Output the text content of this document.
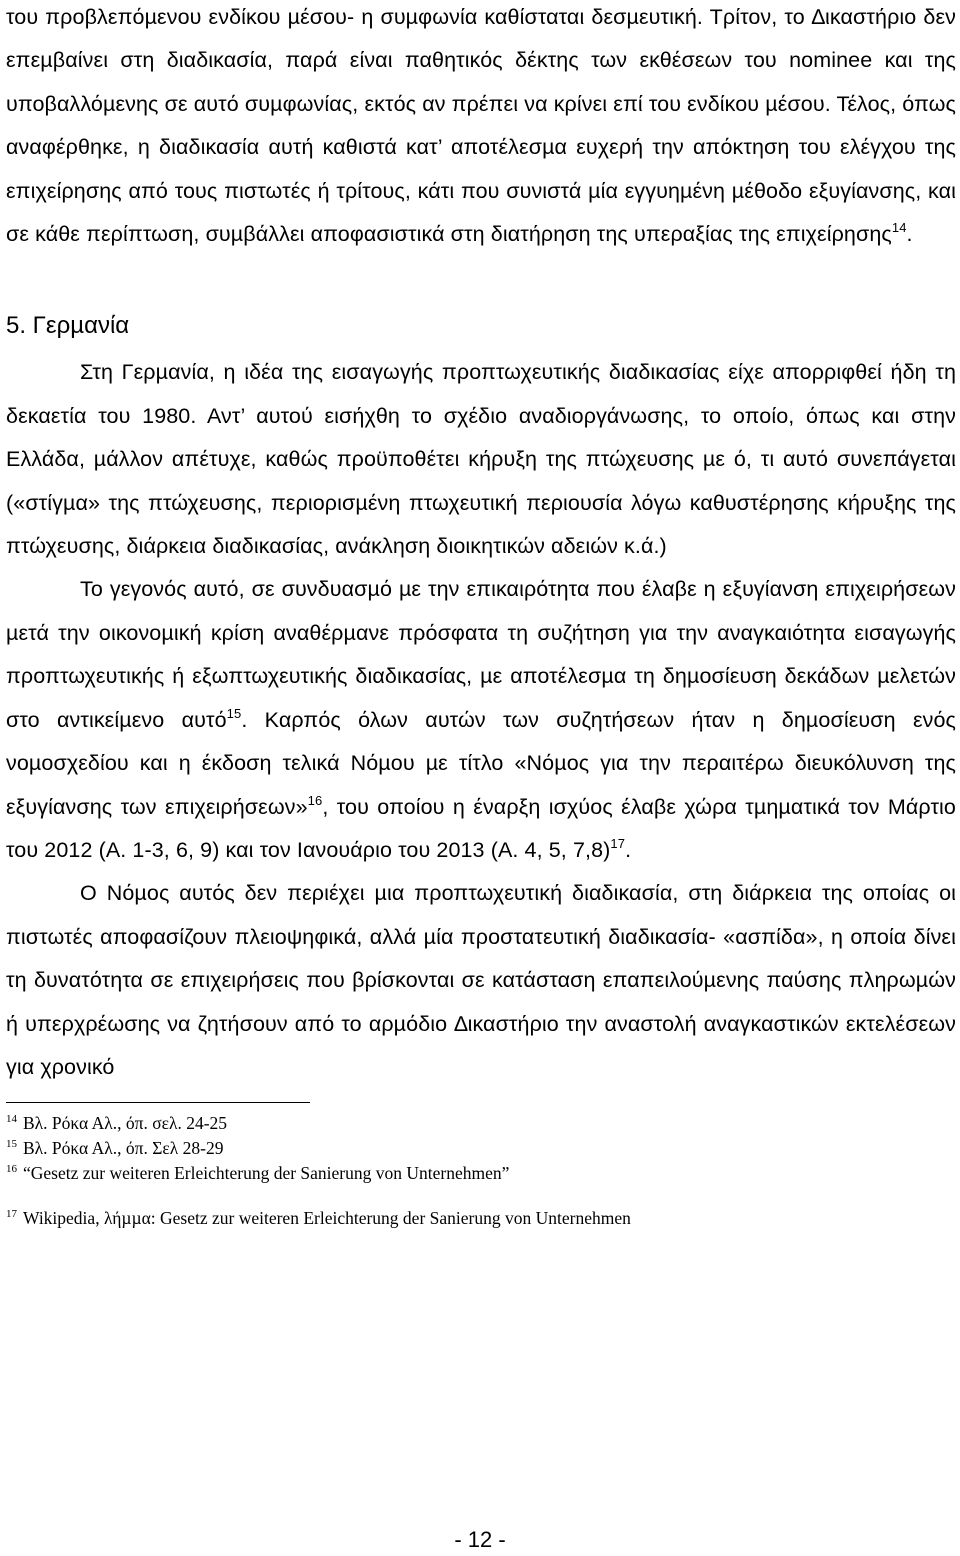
του προβλεπόµενου ενδίκου µέσου- η συµφωνία καθίσταται δεσµευτική. Τρίτον, το ∆ικαστήριο δεν επεµβαίνει στη διαδικασία, παρά είναι παθητικός δέκτης των εκθέσεων του nominee και της υποβαλλόµενης σε αυτό συµφωνίας, εκτός αν πρέπει να κρίνει επί του ενδίκου µέσου. Τέλος, όπως αναφέρθηκε, η διαδικασία αυτή καθιστά κατ’ αποτέλεσµα ευχερή την απόκτηση του ελέγχου της επιχείρησης από τους πιστωτές ή τρίτους, κάτι που συνιστά µία εγγυηµένη µέθοδο εξυγίανσης, και σε κάθε περίπτωση, συµβάλλει αποφασιστικά στη διατήρηση της υπεραξίας της επιχείρησης$^{14}$.

5. Γερµανία

Στη Γερµανία, η ιδέα της εισαγωγής προπτωχευτικής διαδικασίας είχε απορριφθεί ήδη τη δεκαετία του 1980. Αντ’ αυτού εισήχθη το σχέδιο αναδιοργάνωσης, το οποίο, όπως και στην Ελλάδα, µάλλον απέτυχε, καθώς προϋποθέτει κήρυξη της πτώχευσης µε ό, τι αυτό συνεπάγεται («στίγµα» της πτώχευσης, περιορισµένη πτωχευτική περιουσία λόγω καθυστέρησης κήρυξης της πτώχευσης, διάρκεια διαδικασίας, ανάκληση διοικητικών αδειών κ.ά.)

Το γεγονός αυτό, σε συνδυασµό µε την επικαιρότητα που έλαβε η εξυγίανση επιχειρήσεων µετά την οικονοµική κρίση αναθέρµανε πρόσφατα τη συζήτηση για την αναγκαιότητα εισαγωγής προπτωχευτικής ή εξωπτωχευτικής διαδικασίας, µε αποτέλεσµα τη δηµοσίευση δεκάδων µελετών στο αντικείµενο αυτό$^{15}$. Καρπός όλων αυτών των συζητήσεων ήταν η δηµοσίευση ενός νοµοσχεδίου και η έκδοση τελικά Νόµου µε τίτλο «Νόµος για την περαιτέρω διευκόλυνση της εξυγίανσης των επιχειρήσεων»$^{16}$, του οποίου η έναρξη ισχύος έλαβε χώρα τµηµατικά τον Μάρτιο του 2012 (Α. 1-3, 6, 9) και τον Ιανουάριο του 2013 (Α. 4, 5, 7,8)$^{17}$.

Ο Νόµος αυτός δεν περιέχει µια προπτωχευτική διαδικασία, στη διάρκεια της οποίας οι πιστωτές αποφασίζουν πλειοψηφικά, αλλά µία προστατευτική διαδικασία- «ασπίδα», η οποία δίνει τη δυνατότητα σε επιχειρήσεις που βρίσκονται σε κατάσταση επαπειλούµενης παύσης πληρωµών ή υπερχρέωσης να ζητήσουν από το αρµόδιο ∆ικαστήριο την αναστολή αναγκαστικών εκτελέσεων για χρονικό

$^{14}$ Βλ. Ρόκα Αλ., όπ. σελ. 24-25

$^{15}$ Βλ. Ρόκα Αλ., όπ. Σελ 28-29

$^{16}$ “Gesetz zur weiteren Erleichterung der Sanierung von Unternehmen”

$^{17}$ Wikipedia, λήµµα: Gesetz zur weiteren Erleichterung der Sanierung von Unternehmen

- 12 -
